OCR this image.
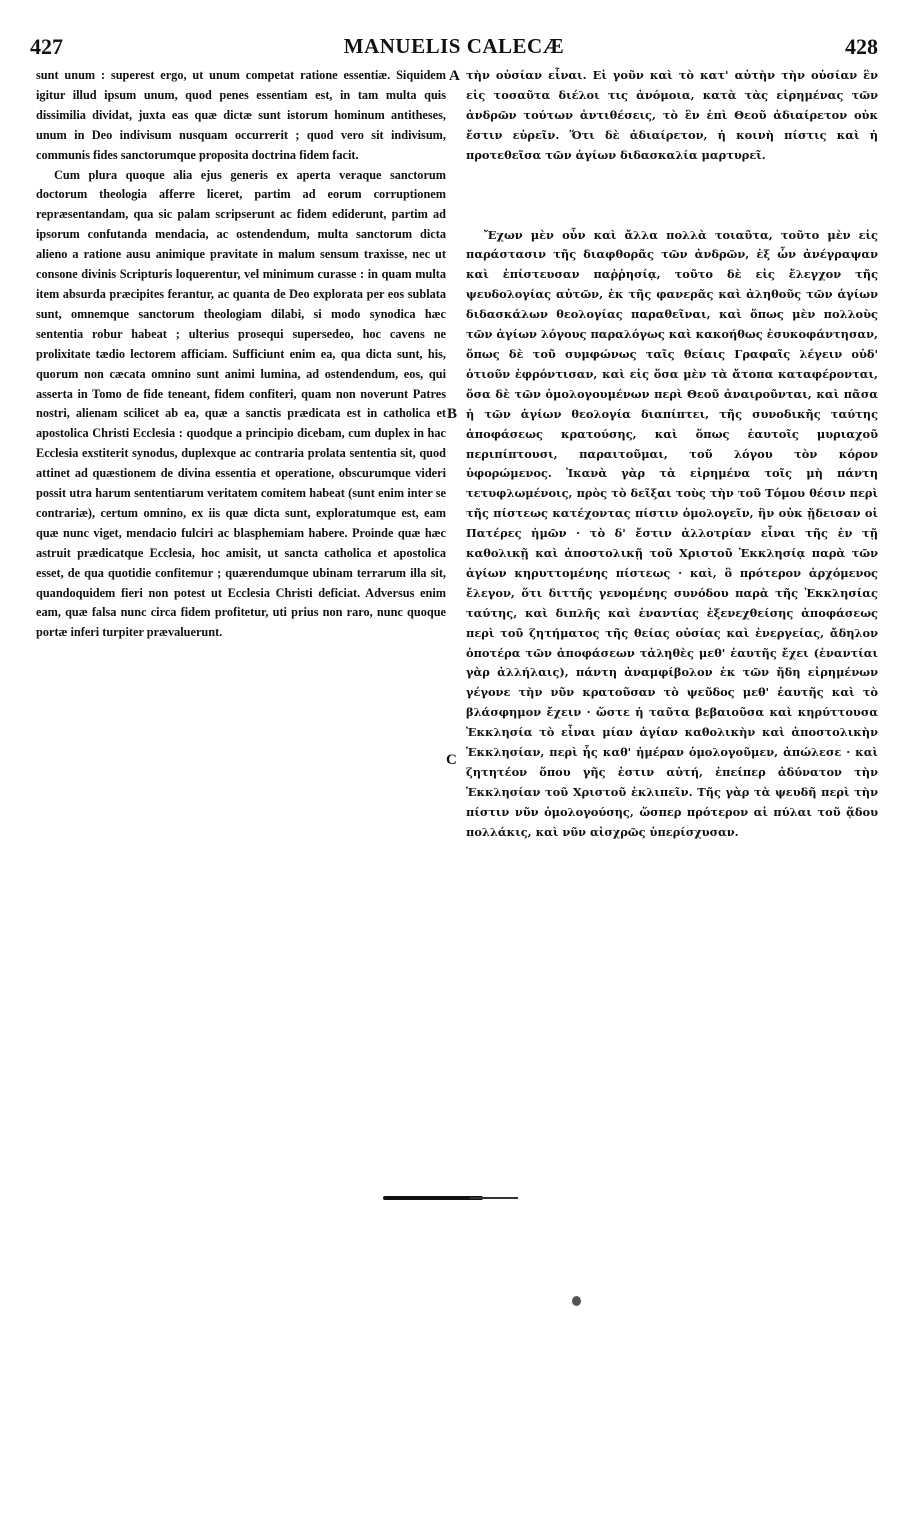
427	MANUELIS CALECÆ	428

sunt unum : superest ergo, ut unum competat ratione essentiæ. Siquidem igitur illud ipsum unum, quod penes essentiam est, in tam multa quis dissimilia dividat, juxta eas quæ dictæ sunt istorum hominum antitheses, unum in Deo indivisum nusquam occurrerit ; quod vero sit indivisum, communis fides sanctorumque proposita doctrina fidem facit.

Cum plura quoque alia ejus generis ex aperta veraque sanctorum doctorum theologia afferre liceret, partim ad eorum corruptionem repræsentandam, qua sic palam scripserunt ac fidem ediderunt, partim ad ipsorum confutanda mendacia, ac ostendendum, multa sanctorum dicta alieno a ratione ausu animique pravitate in malum sensum traxisse, nec ut consone divinis Scripturis loquerentur, vel minimum curasse : in quam multa item absurda præcipites ferantur, ac quanta de Deo explorata per eos sublata sunt, omnemque sanctorum theologiam dilabi, si modo synodica hæc sententia robur habeat ; ulterius prosequi supersedeo, hoc cavens ne prolixitate tædio lectorem afficiam. Sufficiunt enim ea, qua dicta sunt, his, quorum non cæcata omnino sunt animi lumina, ad ostendendum, eos, qui asserta in Tomo de fide teneant, fidem confiteri, quam non noverunt Patres nostri, alienam scilicet ab ea, quæ a sanctis prædicata est in catholica et apostolica Christi Ecclesia : quodque a principio dicebam, cum duplex in hac Ecclesia exstiterit synodus, duplexque ac contraria prolata sententia sit, quod attinet ad quæstionem de divina essentia et operatione, obscurumque videri possit utra harum sententiarum veritatem comitem habeat (sunt enim inter se contrariæ), certum omnino, ex iis quæ dicta sunt, exploratumque est, eam quæ nunc viget, mendacio fulciri ac blasphemiam habere. Proinde quæ hæc astruit prædicatque Ecclesia, hoc amisit, ut sancta catholica et apostolica esset, de qua quotidie confitemur ; quærendumque ubinam terrarum illa sit, quandoquidem fieri non potest ut Ecclesia Christi deficiat. Adversus enim eam, quæ falsa nunc circa fidem profitetur, uti prius non raro, nunc quoque portæ inferi turpiter prævaluerunt.

A
B
C

τὴν οὐσίαν εἶναι. Εἰ γοῦν καὶ τὸ κατ' αὐτὴν τὴν οὐσίαν ἓν εἰς τοσαῦτα διέλοι τις ἀνόμοια, κατὰ τὰς εἰρημένας τῶν ἀνδρῶν τούτων ἀντιθέσεις, τὸ ἓν ἐπὶ Θεοῦ ἀδιαίρετον οὐκ ἔστιν εὑρεῖν. Ὅτι δὲ ἀδιαίρετον, ἡ κοινὴ πίστις καὶ ἡ προτεθεῖσα τῶν ἁγίων διδασκαλία μαρτυρεῖ.

Ἔχων μὲν οὖν καὶ ἄλλα πολλὰ τοιαῦτα, τοῦτο μὲν εἰς παράστασιν τῆς διαφθορᾶς τῶν ἀνδρῶν, ἐξ ὧν ἀνέγραψαν καὶ ἐπίστευσαν παῤῥησίᾳ, τοῦτο δὲ εἰς ἔλεγχον τῆς ψευδολογίας αὐτῶν, ἐκ τῆς φανερᾶς καὶ ἀληθοῦς τῶν ἁγίων διδασκάλων θεολογίας παραθεῖναι, καὶ ὅπως μὲν πολλοὺς τῶν ἁγίων λόγους παραλόγως καὶ κακοήθως ἐσυκοφάντησαν, ὅπως δὲ τοῦ συμφώνως ταῖς θείαις Γραφαῖς λέγειν οὐδ' ὁτιοῦν ἐφρόντισαν, καὶ εἰς ὅσα μὲν τὰ ἄτοπα καταφέρονται, ὅσα δὲ τῶν ὁμολογουμένων περὶ Θεοῦ ἀναιροῦνται, καὶ πᾶσα ἡ τῶν ἁγίων θεολογία διαπίπτει, τῆς συνοδικῆς ταύτης ἀποφάσεως κρατούσης, καὶ ὅπως ἑαυτοῖς μυριαχοῦ περιπίπτουσι, παραιτοῦμαι, τοῦ λόγου τὸν κόρον ὑφορώμενος. Ἱκανὰ γὰρ τὰ εἰρημένα τοῖς μὴ πάντη τετυφλωμένοις, πρὸς τὸ δεῖξαι τοὺς τὴν τοῦ Τόμου θέσιν περὶ τῆς πίστεως κατέχοντας πίστιν ὁμολογεῖν, ἣν οὐκ ᾔδεισαν οἱ Πατέρες ἡμῶν · τὸ δ' ἔστιν ἀλλοτρίαν εἶναι τῆς ἐν τῇ καθολικῇ καὶ ἀποστολικῇ τοῦ Χριστοῦ Ἐκκλησίᾳ παρὰ τῶν ἁγίων κηρυττομένης πίστεως · καὶ, ὃ πρότερον ἀρχόμενος ἔλεγον, ὅτι διττῆς γενομένης συνόδου παρὰ τῆς Ἐκκλησίας ταύτης, καὶ διπλῆς καὶ ἐναντίας ἐξενεχθείσης ἀποφάσεως περὶ τοῦ ζητήματος τῆς θείας οὐσίας καὶ ἐνεργείας, ἄδηλον ὁποτέρα τῶν ἀποφάσεων τἀληθὲς μεθ' ἑαυτῆς ἔχει (ἐναντίαι γὰρ ἀλλήλαις), πάντη ἀναμφίβολον ἐκ τῶν ἤδη εἰρημένων γέγονε τὴν νῦν κρατοῦσαν τὸ ψεῦδος μεθ' ἑαυτῆς καὶ τὸ βλάσφημον ἔχειν · ὥστε ἡ ταῦτα βεβαιοῦσα καὶ κηρύττουσα Ἐκκλησία τὸ εἶναι μίαν ἁγίαν καθολικὴν καὶ ἀποστολικὴν Ἐκκλησίαν, περὶ ἧς καθ' ἡμέραν ὁμολογοῦμεν, ἀπώλεσε · καὶ ζητητέον ὅπου γῆς ἐστιν αὐτή, ἐπείπερ ἀδύνατον τὴν Ἐκκλησίαν τοῦ Χριστοῦ ἐκλιπεῖν. Τῆς γὰρ τὰ ψευδῆ περὶ τὴν πίστιν νῦν ὁμολογούσης, ὥσπερ πρότερον αἱ πύλαι τοῦ ᾅδου πολλάκις, καὶ νῦν αἰσχρῶς ὑπερίσχυσαν.
